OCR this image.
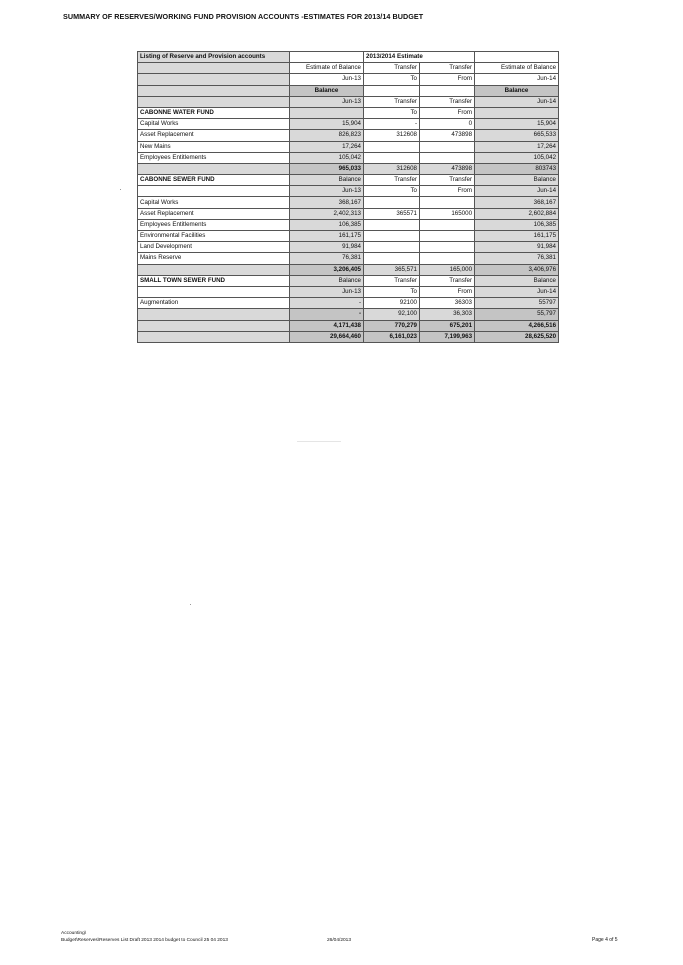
SUMMARY OF RESERVES/WORKING FUND PROVISION ACCOUNTS -ESTIMATES FOR 2013/14 BUDGET
Listing of Reserve and Provision accounts		2013/2014 Estimate		
	Estimate of Balance	Transfer	Transfer	Estimate of Balance
	Jun-13	To	From	Jun-14
	Balance			Balance
	Jun-13	Transfer	Transfer	Jun-14
CABONNE WATER FUND		To	From	
Capital Works	15,904	-	0	15,904
Asset Replacement	826,823	312608	473898	665,533
New Mains	17,264			17,264
Employees Entitlements	105,042			105,042
	965,033	312608	473898	803743
CABONNE SEWER FUND	Balance	Transfer	Transfer	Balance
	Jun-13	To	From	Jun-14
Capital Works	368,167			368,167
Asset Replacement	2,402,313	365571	165000	2,602,884
Employees Entitlements	106,385			106,385
Environmental Facilities	161,175			161,175
Land Development	91,984			91,984
Mains Reserve	76,381			76,381
	3,206,405	365,571	165,000	3,406,976
SMALL TOWN SEWER FUND	Balance	Transfer	Transfer	Balance
	Jun-13	To	From	Jun-14
Augmentation	-	92100	36303	55797
	-	92,100	36,303	55,797
	4,171,438	770,279	675,201	4,266,516
	29,664,460	6,161,023	7,199,963	28,625,520
Accounting\
Budget\Reserves\Reserves List Draft 2013 2014 budget to Council 25 04 2013	26/04/2013	Page 4 of 5
